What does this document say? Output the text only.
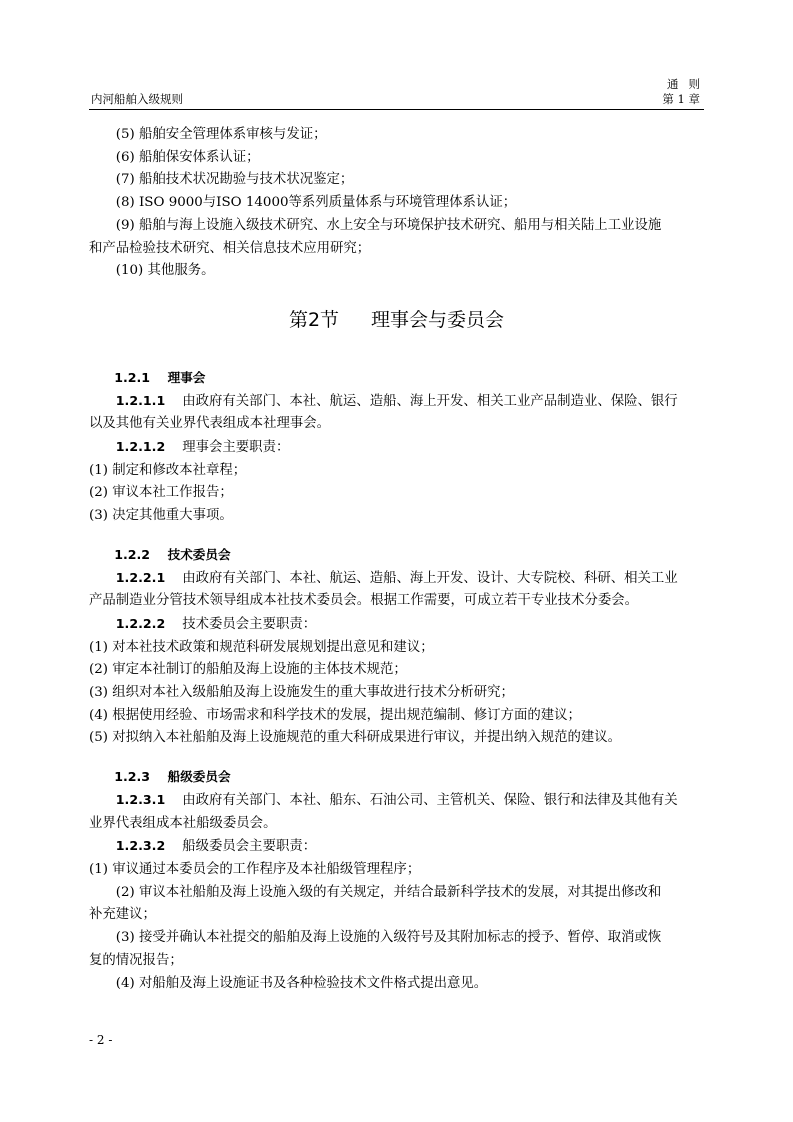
内河船舶入级规则
通则
第 1 章

(5) 船舶安全管理体系审核与发证；

(6) 船舶保安体系认证；

(7) 船舶技术状况勘验与技术状况鉴定；

(8) ISO 9000与ISO 14000等系列质量体系与环境管理体系认证；

(9) 船舶与海上设施入级技术研究、水上安全与环境保护技术研究、船用与相关陆上工业设施

和产品检验技术研究、相关信息技术应用研究；

(10) 其他服务。

第2节 理事会与委员会

1.2.1 理事会

1.2.1.1 由政府有关部门、本社、航运、造船、海上开发、相关工业产品制造业、保险、银行

以及其他有关业界代表组成本社理事会。

1.2.1.2 理事会主要职责：

(1) 制定和修改本社章程；

(2) 审议本社工作报告；

(3) 决定其他重大事项。

1.2.2 技术委员会

1.2.2.1 由政府有关部门、本社、航运、造船、海上开发、设计、大专院校、科研、相关工业

产品制造业分管技术领导组成本社技术委员会。根据工作需要，可成立若干专业技术分委会。

1.2.2.2 技术委员会主要职责：

(1) 对本社技术政策和规范科研发展规划提出意见和建议；

(2) 审定本社制订的船舶及海上设施的主体技术规范；

(3) 组织对本社入级船舶及海上设施发生的重大事故进行技术分析研究；

(4) 根据使用经验、市场需求和科学技术的发展，提出规范编制、修订方面的建议；

(5) 对拟纳入本社船舶及海上设施规范的重大科研成果进行审议，并提出纳入规范的建议。

1.2.3 船级委员会

1.2.3.1 由政府有关部门、本社、船东、石油公司、主管机关、保险、银行和法律及其他有关

业界代表组成本社船级委员会。

1.2.3.2 船级委员会主要职责：

(1) 审议通过本委员会的工作程序及本社船级管理程序；

(2) 审议本社船舶及海上设施入级的有关规定，并结合最新科学技术的发展，对其提出修改和

补充建议；

(3) 接受并确认本社提交的船舶及海上设施的入级符号及其附加标志的授予、暂停、取消或恢

复的情况报告；

(4) 对船舶及海上设施证书及各种检验技术文件格式提出意见。

- 2 -
